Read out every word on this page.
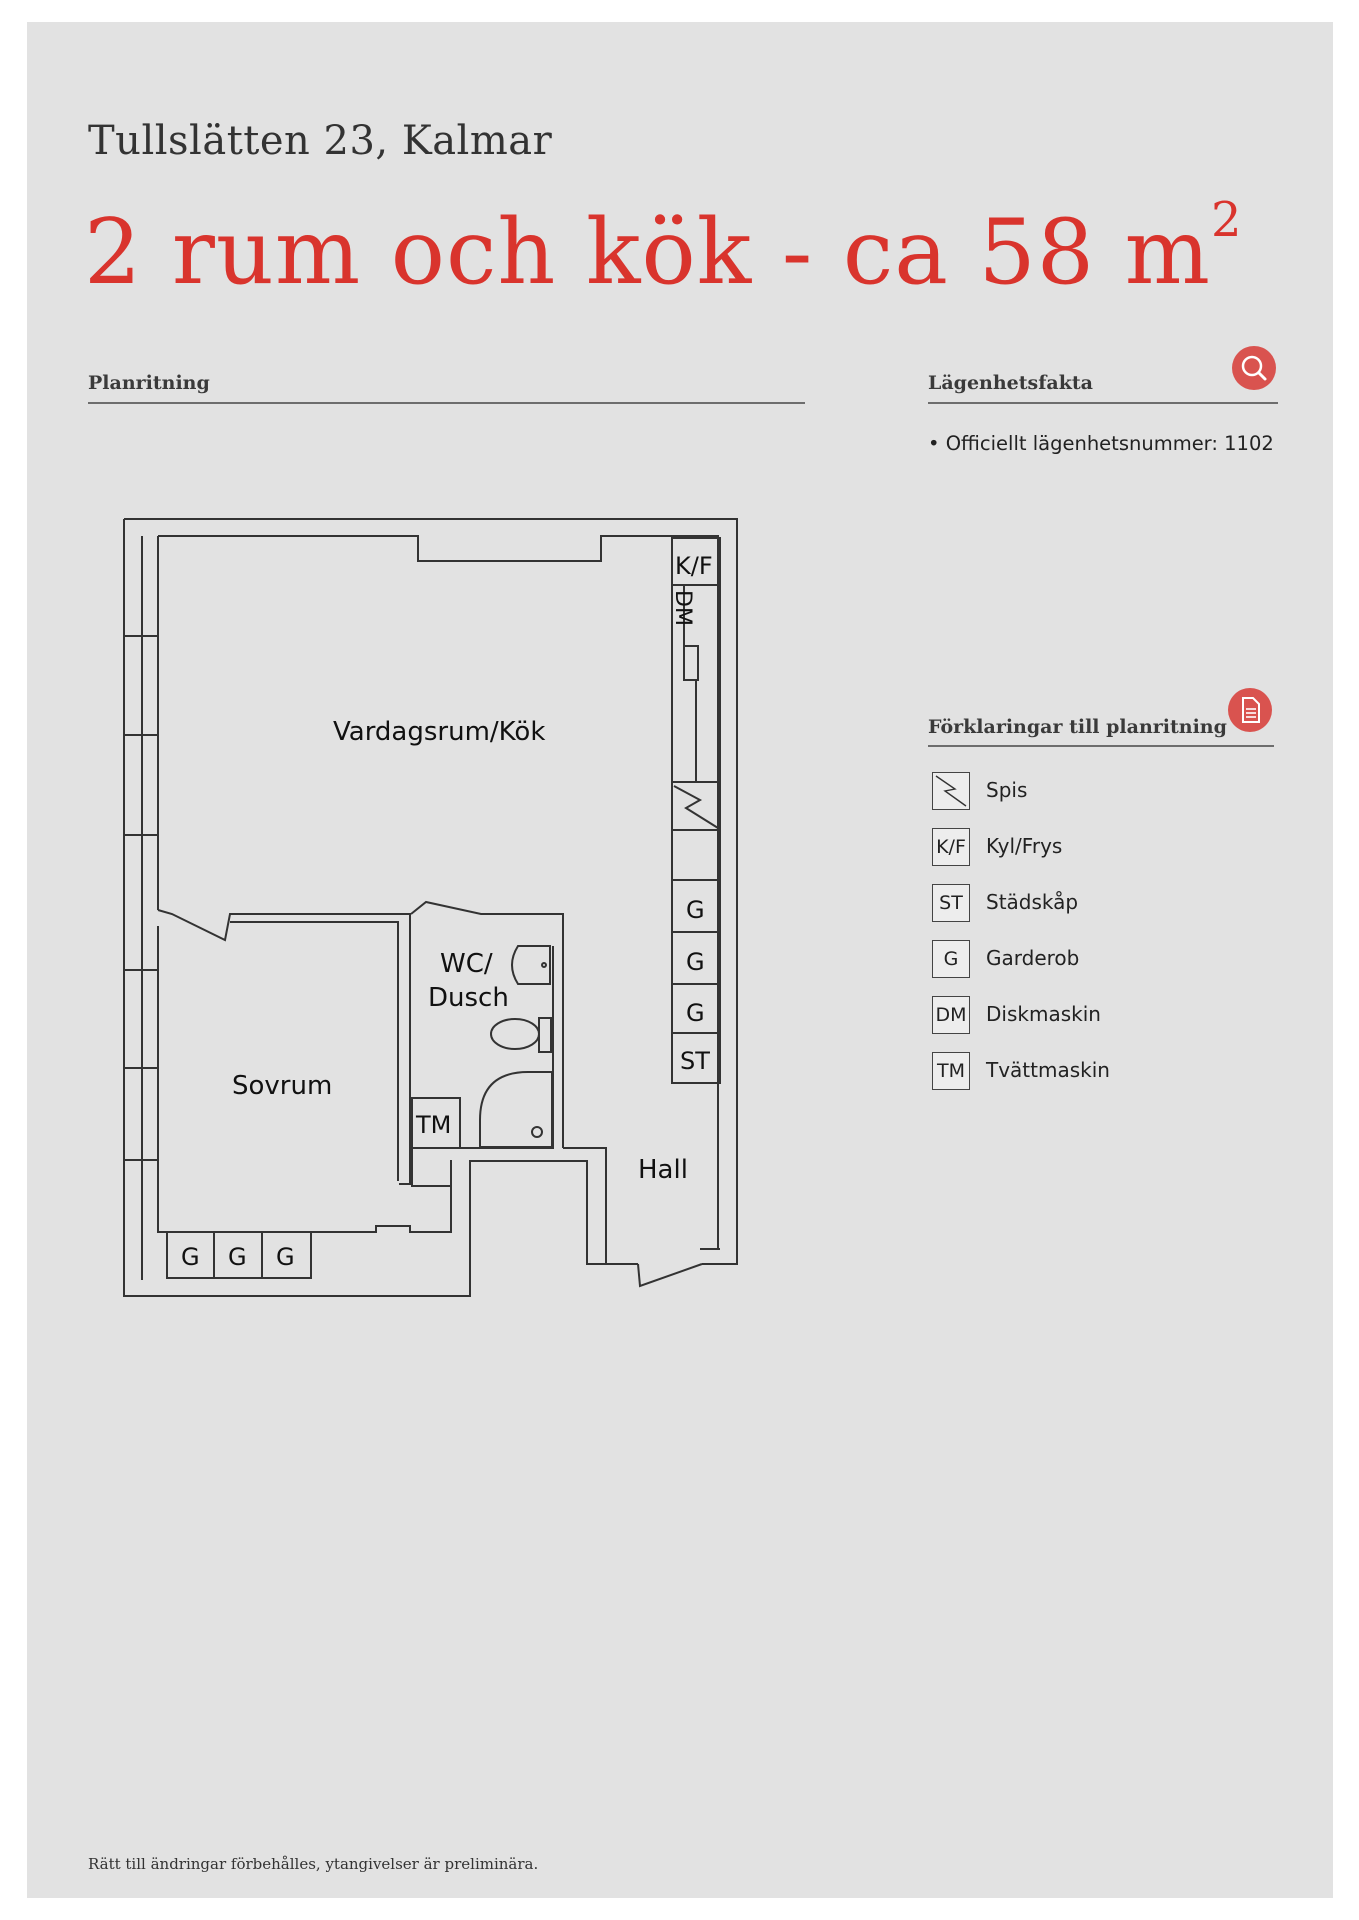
Tullslätten 23, Kalmar
2 rum och kök - ca 58 $m^2$
Planritning	Lägenhetsfakta
• Officiellt lägenhetsnummer: 1102
Förklaringar till planritning
Spis
K/F Kyl/Frys
ST	Städskåp
G	Garderob
DM Diskmaskin
TM Tvättmaskin
Vardagsrum/Kök
Sovrum
WC/
Dusch
Hall
K/F
DM
G
G
G
ST
TM
G G G
Rätt till ändringar förbehålles, ytangivelser är preliminära.
